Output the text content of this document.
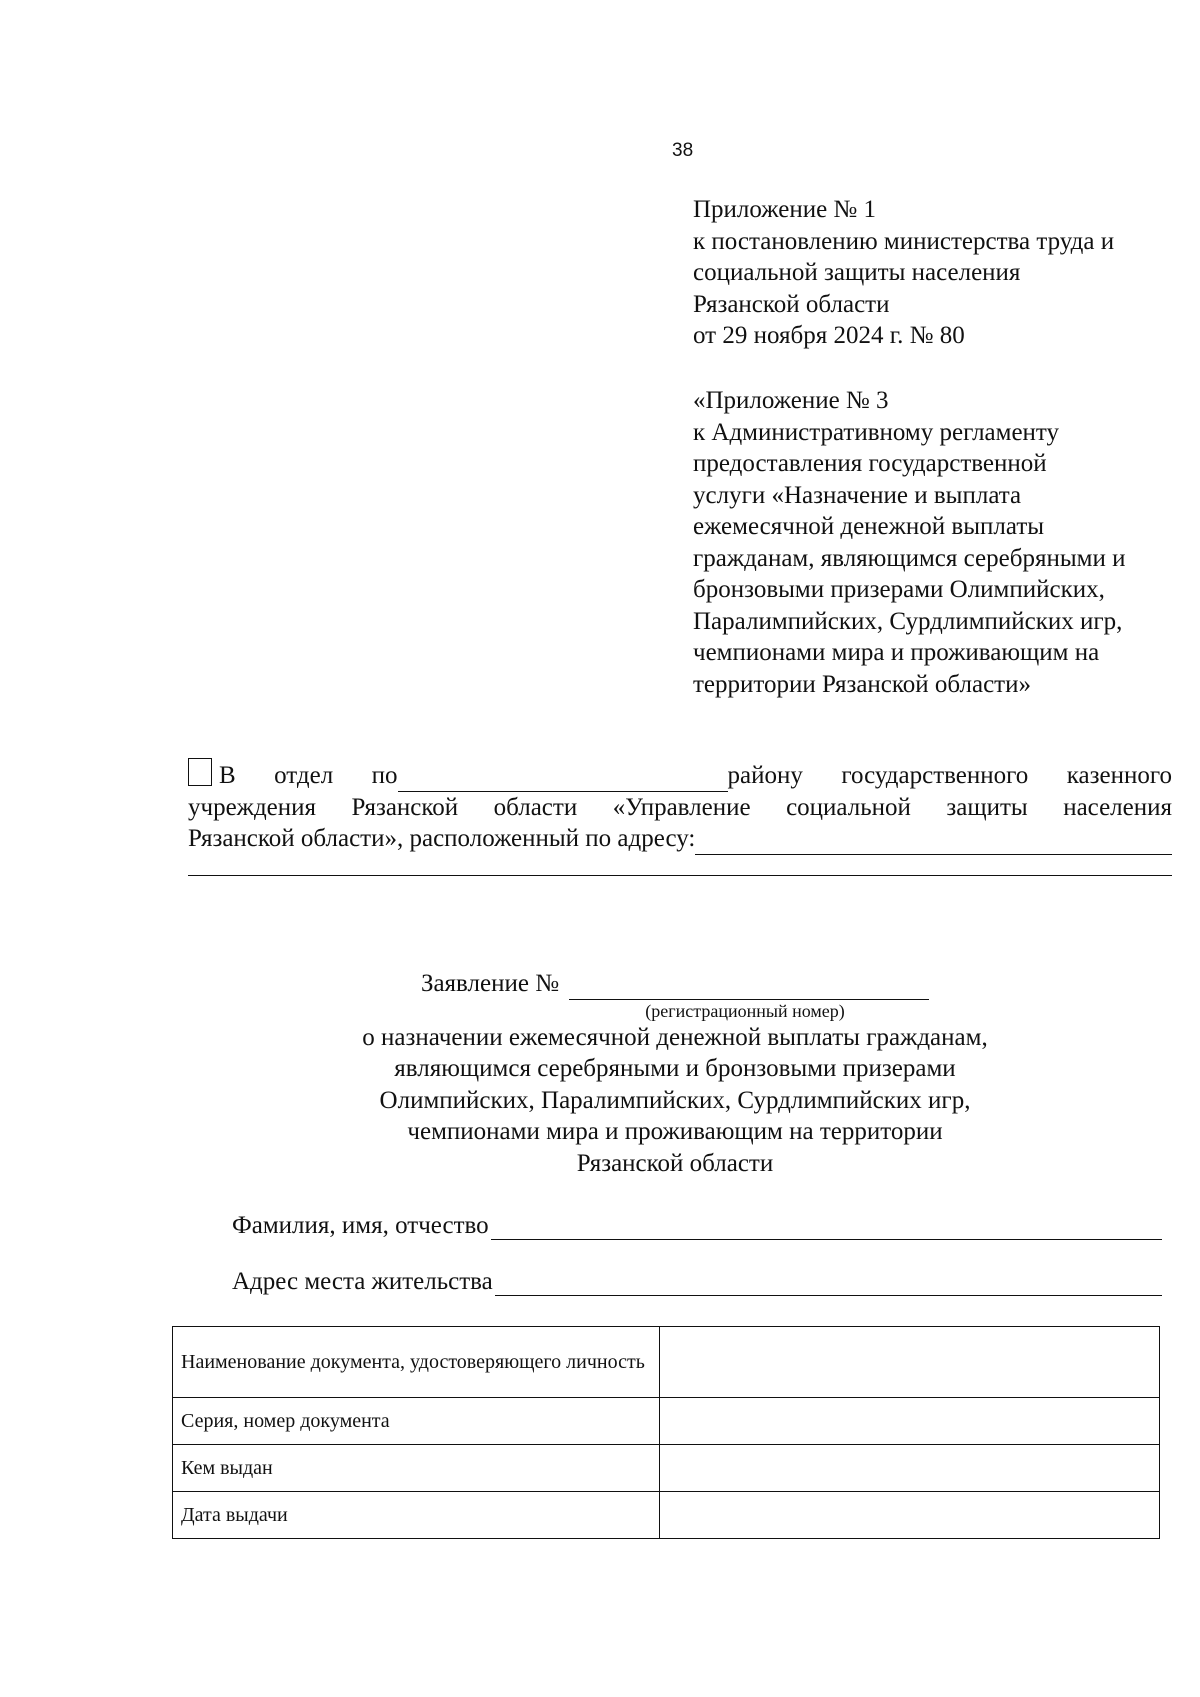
38
Приложение № 1
к постановлению министерства труда и
социальной защиты населения
Рязанской области
от 29 ноября 2024 г. № 80
«Приложение № 3
к Административному регламенту
предоставления государственной
услуги «Назначение и выплата
ежемесячной денежной выплаты
гражданам, являющимся серебряными и
бронзовыми призерами Олимпийских,
Паралимпийских, Сурдлимпийских игр,
чемпионами мира и проживающим на
территории Рязанской области»
В отдел по	району государственного казенного
учреждения Рязанской области «Управление социальной защиты населения
Рязанской области», расположенный по адресу:
Заявление №
(регистрационный номер)
о назначении ежемесячной денежной выплаты гражданам,
являющимся серебряными и бронзовыми призерами
Олимпийских, Паралимпийских, Сурдлимпийских игр,
чемпионами мира и проживающим на территории
Рязанской области
Фамилия, имя, отчество
Адрес места жительства
Наименование документа, удостоверяющего личность	
Серия, номер документа	
Кем выдан	
Дата выдачи	
